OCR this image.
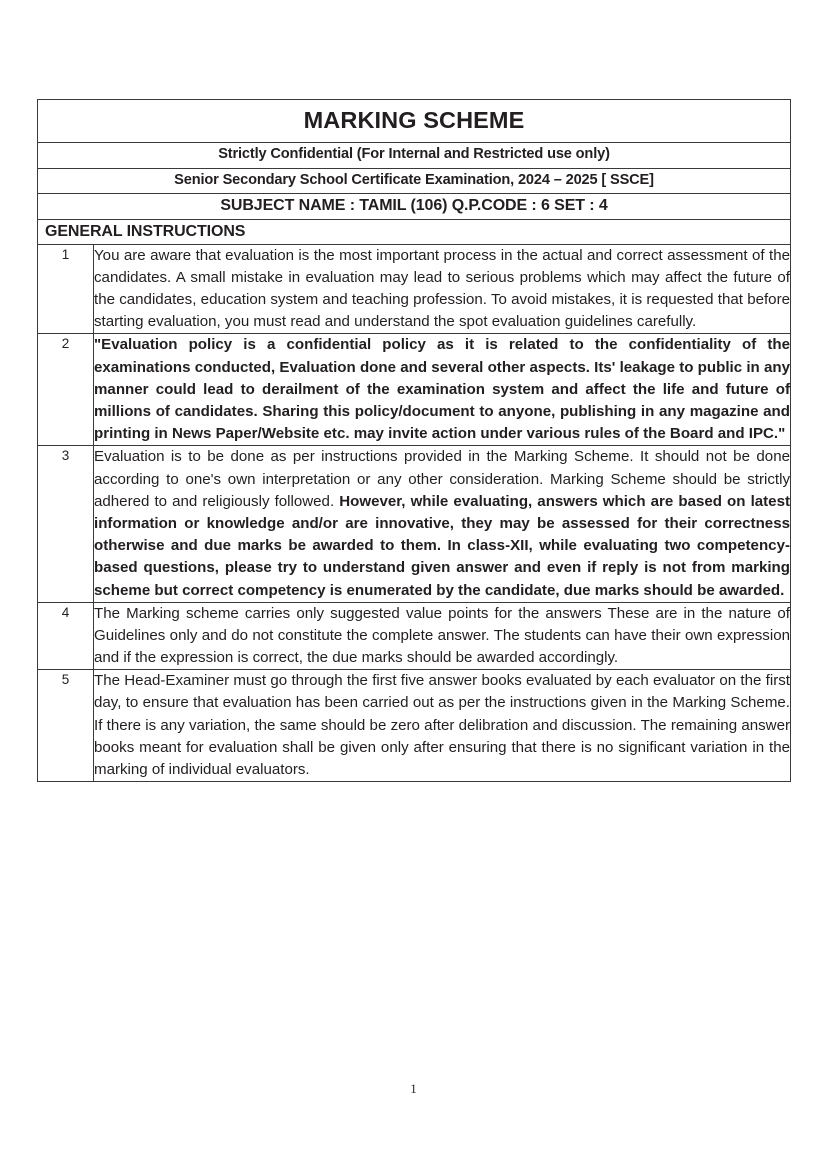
MARKING SCHEME	
Strictly Confidential (For Internal and Restricted use only)	
Senior Secondary School Certificate Examination, 2024 – 2025 [ SSCE]	
SUBJECT NAME : TAMIL (106) Q.P.CODE : 6 SET : 4	
GENERAL INSTRUCTIONS	
1	You are aware that evaluation is the most important process in the actual and correct assessment of the candidates. A small mistake in evaluation may lead to serious problems which may affect the future of the candidates, education system and teaching profession. To avoid mistakes, it is requested that before starting evaluation, you must read and understand the spot evaluation guidelines carefully.
2	"Evaluation policy is a confidential policy as it is related to the confidentiality of the examinations conducted, Evaluation done and several other aspects. Its' leakage to public in any manner could lead to derailment of the examination system and affect the life and future of millions of candidates. Sharing this policy/document to anyone, publishing in any magazine and printing in News Paper/Website etc. may invite action under various rules of the Board and IPC."
3	Evaluation is to be done as per instructions provided in the Marking Scheme. It should not be done according to one's own interpretation or any other consideration. Marking Scheme should be strictly adhered to and religiously followed. However, while evaluating, answers which are based on latest information or knowledge and/or are innovative, they may be assessed for their correctness otherwise and due marks be awarded to them. In class-XII, while evaluating two competency-based questions, please try to understand given answer and even if reply is not from marking scheme but correct competency is enumerated by the candidate, due marks should be awarded.
4	The Marking scheme carries only suggested value points for the answers These are in the nature of Guidelines only and do not constitute the complete answer. The students can have their own expression and if the expression is correct, the due marks should be awarded accordingly.
5	The Head-Examiner must go through the first five answer books evaluated by each evaluator on the first day, to ensure that evaluation has been carried out as per the instructions given in the Marking Scheme. If there is any variation, the same should be zero after delibration and discussion. The remaining answer books meant for evaluation shall be given only after ensuring that there is no significant variation in the marking of individual evaluators.
1
